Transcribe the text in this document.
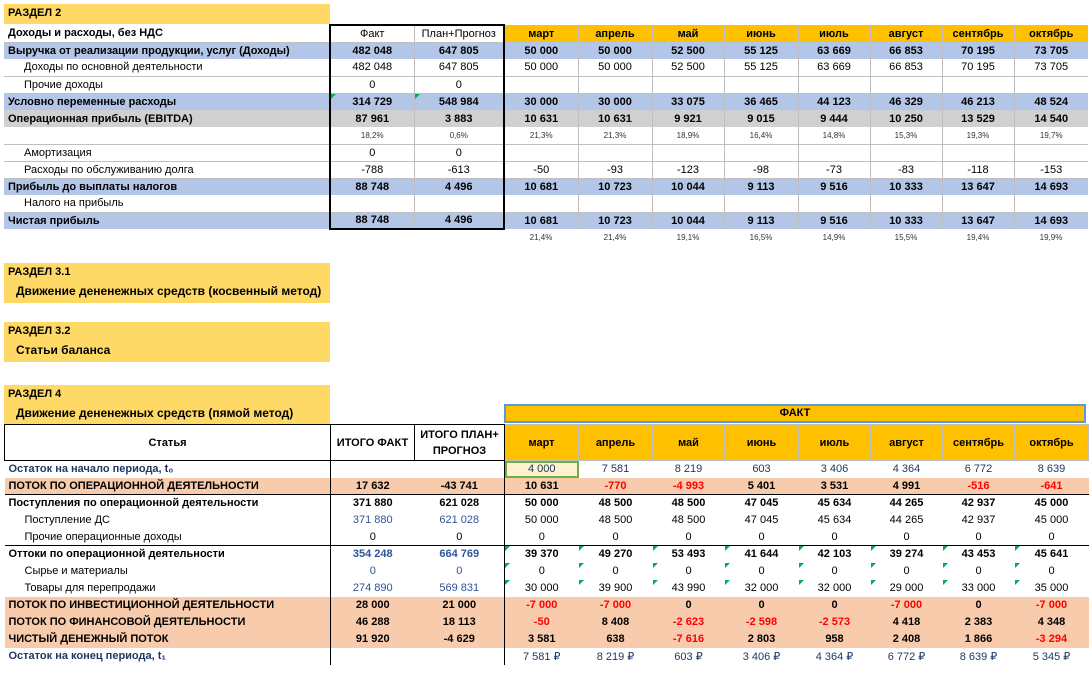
РАЗДЕЛ 2
Доходы и расходы, без НДС	Факт	План+Прогноз	март	апрель	май	июнь	июль	август	сентябрь	октябрь
Выручка от реализации продукции, услуг (Доходы)	482 048	647 805	50 000	50 000	52 500	55 125	63 669	66 853	70 195	73 705
Доходы по основной деятельности	482 048	647 805	50 000	50 000	52 500	55 125	63 669	66 853	70 195	73 705
Прочие доходы	0	0								
Условно переменные расходы	314 729	548 984	30 000	30 000	33 075	36 465	44 123	46 329	46 213	48 524
Операционная прибыль (EBITDA)	87 961	3 883	10 631	10 631	9 921	9 015	9 444	10 250	13 529	14 540
	18,2%	0,6%	21,3%	21,3%	18,9%	16,4%	14,8%	15,3%	19,3%	19,7%
Амортизация	0	0								
Расходы по обслуживанию долга	-788	-613	-50	-93	-123	-98	-73	-83	-118	-153
Прибыль до выплаты налогов	88 748	4 496	10 681	10 723	10 044	9 113	9 516	10 333	13 647	14 693
Налого на прибыль										
Чистая прибыль	88 748	4 496	10 681	10 723	10 044	9 113	9 516	10 333	13 647	14 693
			21,4%	21,4%	19,1%	16,5%	14,9%	15,5%	19,4%	19,9%
РАЗДЕЛ 3.1
Движение дененежных средств (косвенный метод)
РАЗДЕЛ 3.2
Статьи баланса
РАЗДЕЛ 4
Движение дененежных средств (пямой метод)	ФАКТ
Статья	ИТОГО ФАКТ	ИТОГО ПЛАН+ ПРОГНОЗ	март	апрель	май	июнь	июль	август	сентябрь	октябрь
Остаток на начало периода, t₀			4 000	7 581	8 219	603	3 406	4 364	6 772	8 639
ПОТОК ПО ОПЕРАЦИОННОЙ ДЕЯТЕЛЬНОСТИ	17 632	-43 741	10 631	-770	-4 993	5 401	3 531	4 991	-516	-641
Поступления по операционной деятельности	371 880	621 028	50 000	48 500	48 500	47 045	45 634	44 265	42 937	45 000
Поступление ДС	371 880	621 028	50 000	48 500	48 500	47 045	45 634	44 265	42 937	45 000
Прочие операционные доходы	0	0	0	0	0	0	0	0	0	0
Оттоки по операционной деятельности	354 248	664 769	39 370	49 270	53 493	41 644	42 103	39 274	43 453	45 641
Сырье и материалы	0	0	0	0	0	0	0	0	0	0
Товары для перепродажи	274 890	569 831	30 000	39 900	43 990	32 000	32 000	29 000	33 000	35 000
ПОТОК ПО ИНВЕСТИЦИОННОЙ ДЕЯТЕЛЬНОСТИ	28 000	21 000	-7 000	-7 000	0	0	0	-7 000	0	-7 000
ПОТОК ПО ФИНАНСОВОЙ ДЕЯТЕЛЬНОСТИ	46 288	18 113	-50	8 408	-2 623	-2 598	-2 573	4 418	2 383	4 348
ЧИСТЫЙ ДЕНЕЖНЫЙ ПОТОК	91 920	-4 629	3 581	638	-7 616	2 803	958	2 408	1 866	-3 294
Остаток на конец периода, t₁			7 581 ₽	8 219 ₽	603 ₽	3 406 ₽	4 364 ₽	6 772 ₽	8 639 ₽	5 345 ₽
